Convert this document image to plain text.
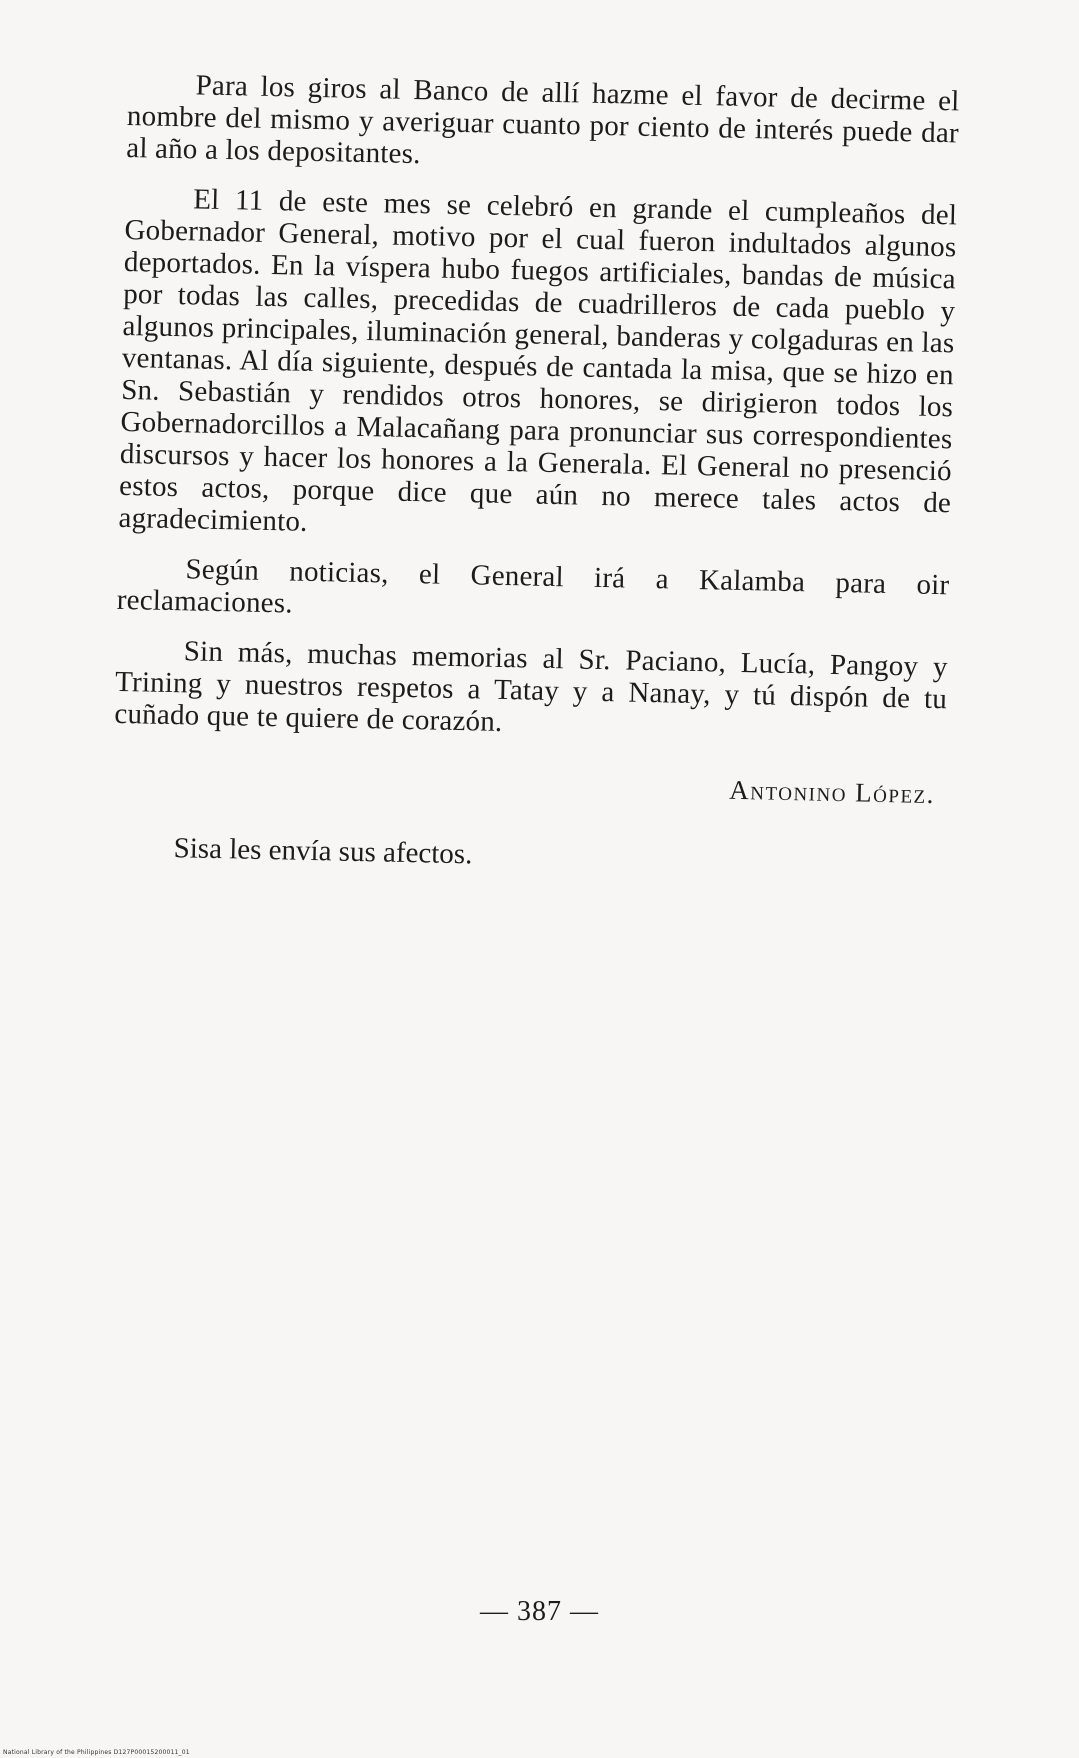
Para los giros al Banco de allí hazme el favor de decirme el nombre del mismo y averiguar cuanto por ciento de interés puede dar al año a los depositantes.

El 11 de este mes se celebró en grande el cumpleaños del Gobernador General, motivo por el cual fueron indultados algunos deportados. En la víspera hubo fuegos artificiales, bandas de música por todas las calles, precedidas de cuadrilleros de cada pueblo y algunos principales, iluminación general, banderas y colgaduras en las ventanas. Al día siguiente, después de cantada la misa, que se hizo en Sn. Sebastián y rendidos otros honores, se dirigieron todos los Gobernadorcillos a Malacañang para pronunciar sus correspondientes discursos y hacer los honores a la Generala. El General no presenció estos actos, porque dice que aún no merece tales actos de agradecimiento.

Según noticias, el General irá a Kalamba para oir reclamaciones.

Sin más, muchas memorias al Sr. Paciano, Lucía, Pangoy y Trining y nuestros respetos a Tatay y a Nanay, y tú dispón de tu cuñado que te quiere de corazón.

Antonino López.

Sisa les envía sus afectos.

— 387 —
National Library of the Philippines D127P00015200011_01
